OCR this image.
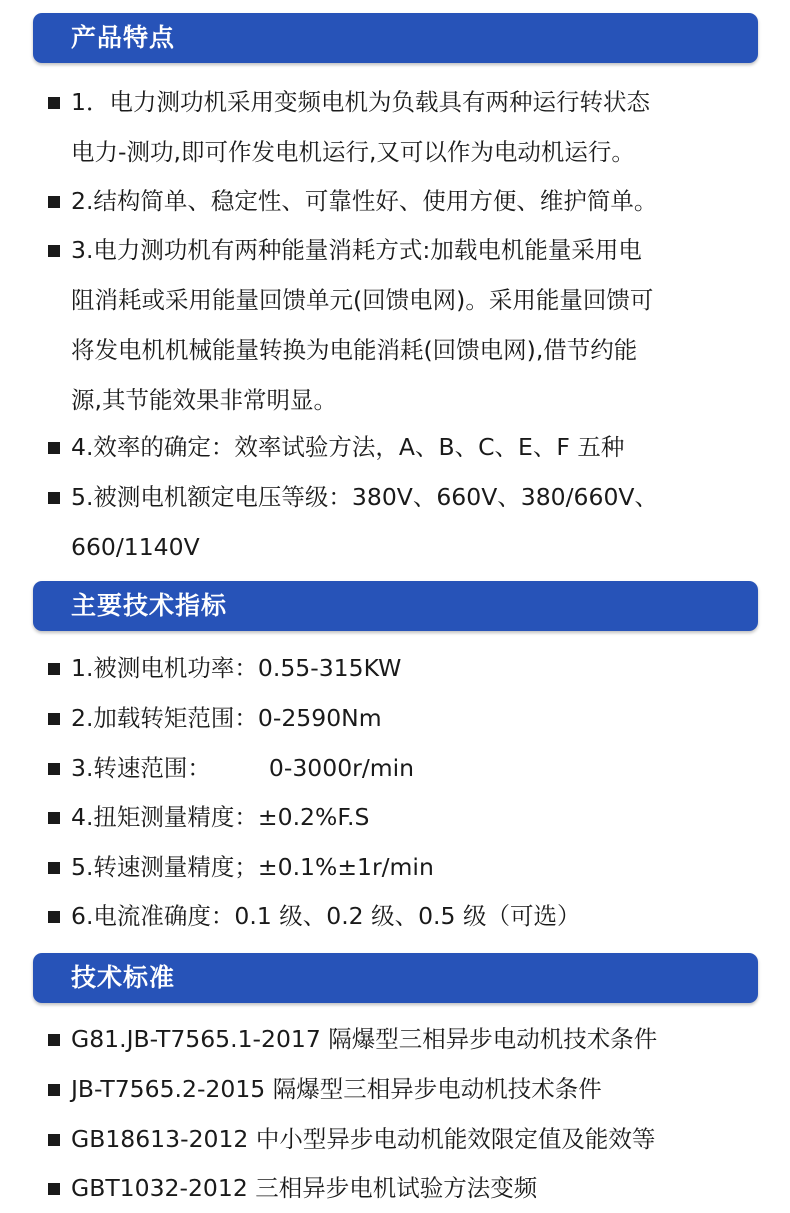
产品特点
1．电力测功机采用变频电机为负载具有两种运行转状态
电力-测功,即可作发电机运行,又可以作为电动机运行。
2.结构简单、稳定性、可靠性好、使用方便、维护简单。
3.电力测功机有两种能量消耗方式:加载电机能量采用电
阻消耗或采用能量回馈单元(回馈电网)。采用能量回馈可
将发电机机械能量转换为电能消耗(回馈电网),借节约能
源,其节能效果非常明显。
4.效率的确定：效率试验方法，A、B、C、E、F 五种
5.被测电机额定电压等级：380V、660V、380/660V、
660/1140V
主要技术指标
1.被测电机功率：0.55-315KW
2.加载转矩范围：0-2590Nm
3.转速范围： 0-3000r/min
4.扭矩测量精度：±0.2%F.S
5.转速测量精度；±0.1%±1r/min
6.电流准确度：0.1 级、0.2 级、0.5 级（可选）
技术标准
G81.JB-T7565.1-2017 隔爆型三相异步电动机技术条件
JB-T7565.2-2015 隔爆型三相异步电动机技术条件
GB18613-2012 中小型异步电动机能效限定值及能效等
GBT1032-2012 三相异步电机试验方法变频
